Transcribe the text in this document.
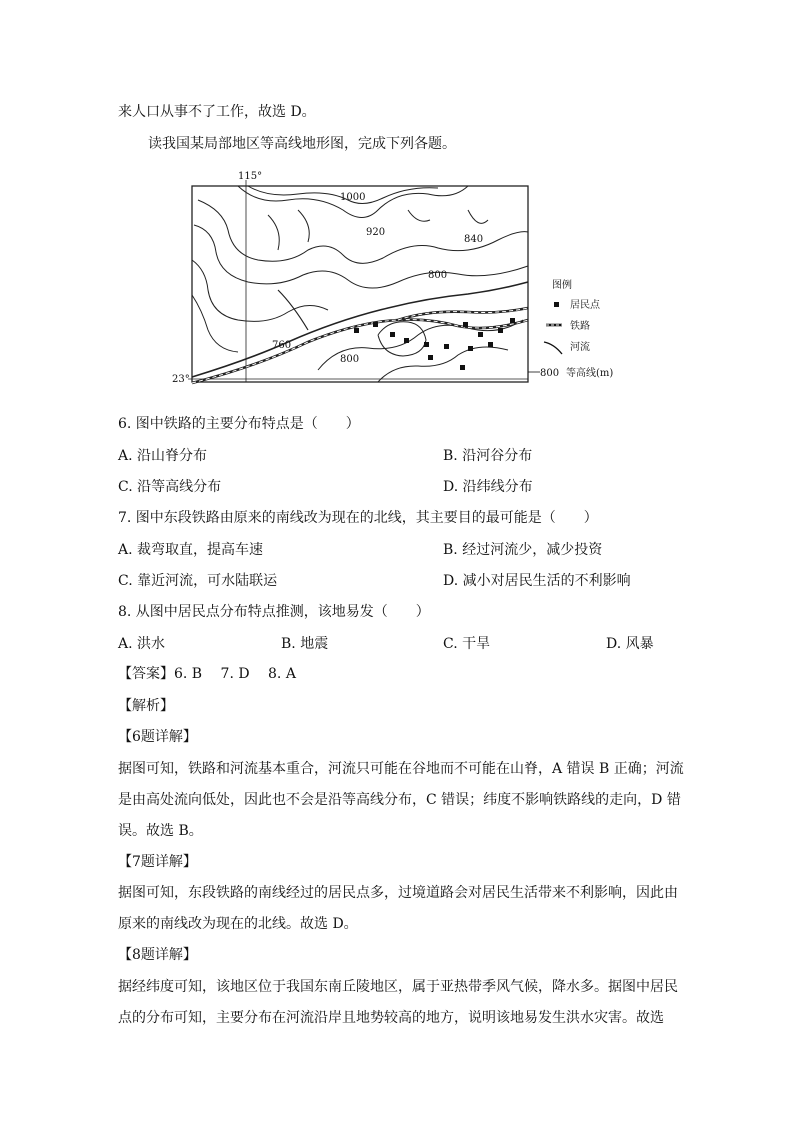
来人口从事不了工作，故选 D。
读我国某局部地区等高线地形图，完成下列各题。
115°
23°
1000
920
840
800
760
800
图例
居民点
铁路
河流
800 等高线(m)
6. 图中铁路的主要分布特点是（　　）
A. 沿山脊分布	B. 沿河谷分布
C. 沿等高线分布	D. 沿纬线分布
7. 图中东段铁路由原来的南线改为现在的北线，其主要目的最可能是（　　）
A. 裁弯取直，提高车速	B. 经过河流少，减少投资
C. 靠近河流，可水陆联运	D. 减小对居民生活的不利影响
8. 从图中居民点分布特点推测，该地易发（　　）
A. 洪水	B. 地震	C. 干旱	D. 风暴
【答案】6. B　 7. D　 8. A
【解析】
【6题详解】
据图可知，铁路和河流基本重合，河流只可能在谷地而不可能在山脊，A 错误 B 正确；河流
是由高处流向低处，因此也不会是沿等高线分布，C 错误；纬度不影响铁路线的走向，D 错
误。故选 B。
【7题详解】
据图可知，东段铁路的南线经过的居民点多，过境道路会对居民生活带来不利影响，因此由
原来的南线改为现在的北线。故选 D。
【8题详解】
据经纬度可知，该地区位于我国东南丘陵地区，属于亚热带季风气候，降水多。据图中居民
点的分布可知，主要分布在河流沿岸且地势较高的地方，说明该地易发生洪水灾害。故选
